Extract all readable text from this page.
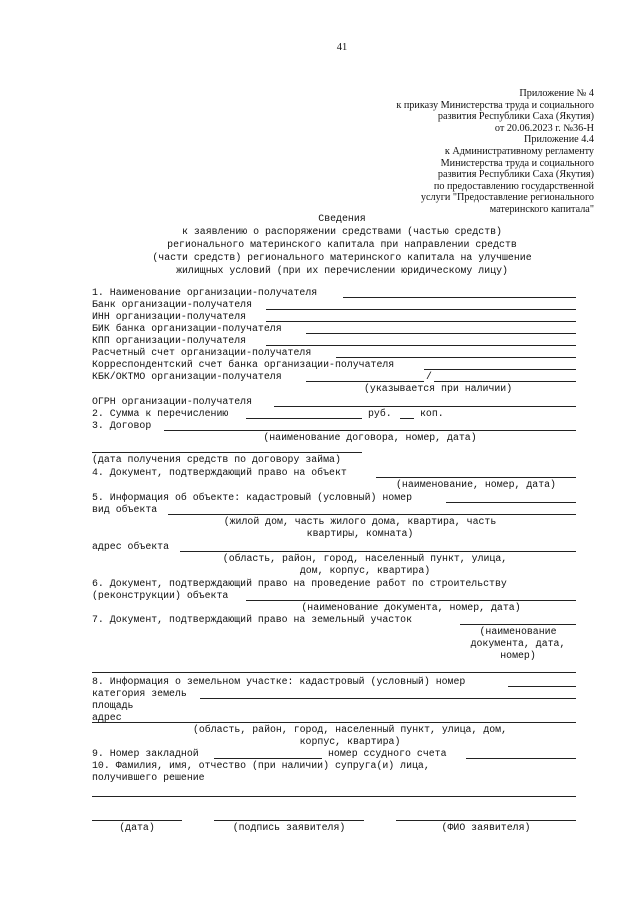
41
Приложение № 4
к приказу Министерства труда и социального
развития Республики Саха (Якутия)
от 20.06.2023 г. №36-Н
Приложение 4.4
к Административному регламенту
Министерства труда и социального
развития Республики Саха (Якутия)
по предоставлению государственной
услуги "Предоставление регионального
материнского капитала"
Сведения
к заявлению о распоряжении средствами (частью средств)
регионального материнского капитала при направлении средств
(части средств) регионального материнского капитала на улучшение
жилищных условий (при их перечислении юридическому лицу)
1. Наименование организации-получателя
Банк организации-получателя
ИНН организации-получателя
БИК банка организации-получателя
КПП организации-получателя
Расчетный счет организации-получателя
Корреспондентский счет банка организации-получателя
КБК/ОКТМО организации-получателя	/
(указывается при наличии)
ОГРН организации-получателя
2. Сумма к перечислению	руб.	коп.
3. Договор
(наименование договора, номер, дата)
(дата получения средств по договору займа)
4. Документ, подтверждающий право на объект
(наименование, номер, дата)
5. Информация об объекте: кадастровый (условный) номер
вид объекта
(жилой дом, часть жилого дома, квартира, часть
квартиры, комната)
адрес объекта
(область, район, город, населенный пункт, улица,
дом, корпус, квартира)
6. Документ, подтверждающий право на проведение работ по строительству
(реконструкции) объекта
(наименование документа, номер, дата)
7. Документ, подтверждающий право на земельный участок
(наименование
документа, дата,
номер)
8. Информация о земельном участке: кадастровый (условный) номер
категория земель
площадь
адрес
(область, район, город, населенный пункт, улица, дом,
корпус, квартира)
9. Номер закладной	номер ссудного счета
10. Фамилия, имя, отчество (при наличии) супруга(и) лица,
получившего решение
(дата)	(подпись заявителя)	(ФИО заявителя)
